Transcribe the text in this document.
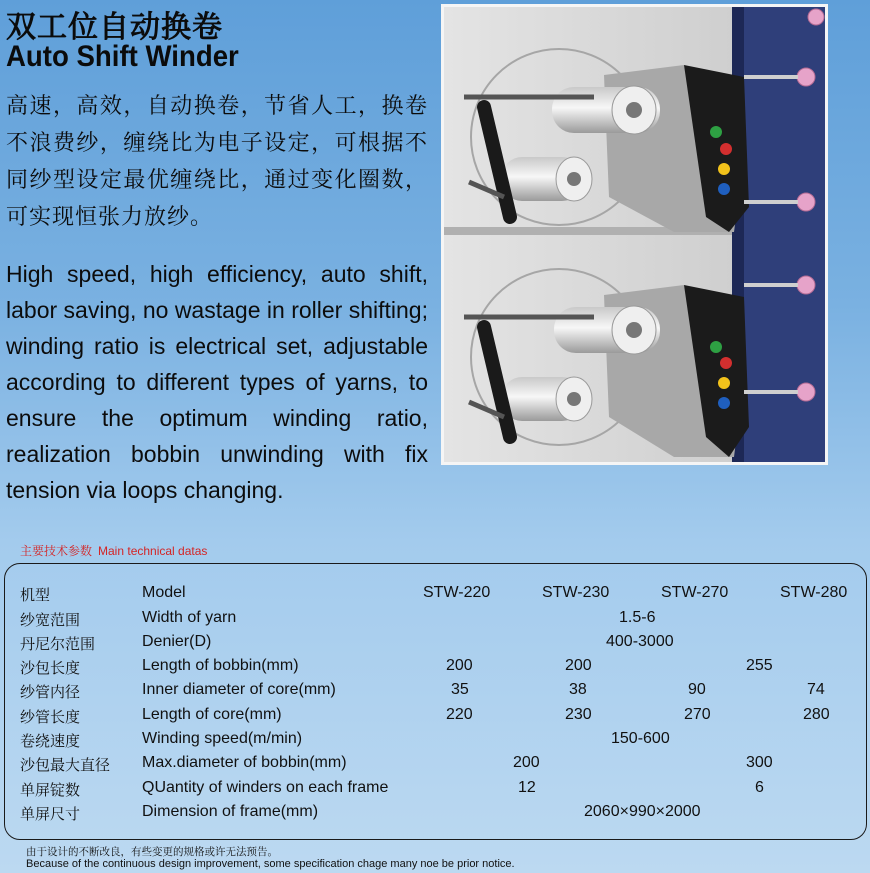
双工位自动换卷
Auto Shift Winder
高速，高效，自动换卷，节省人工，换卷不浪费纱，缠绕比为电子设定，可根据不同纱型设定最优缠绕比，通过变化圈数，可实现恒张力放纱。
High speed, high efficiency, auto shift, labor saving, no wastage in roller shifting; winding ratio is electrical set, adjustable according to different types of yarns, to ensure the optimum winding ratio, realization bobbin unwinding with fix tension via loops changing.
主要技术参数 Main technical datas
机型	Model	STW-220	STW-230	STW-270	STW-280
纱宽范围	Width of yarn	1.5-6
丹尼尔范围	Denier(D)	400-3000
沙包长度	Length of bobbin(mm)	200	200	255
纱管内径	Inner diameter of core(mm)	35	38	90	74
纱管长度	Length of core(mm)	220	230	270	280
卷绕速度	Winding speed(m/min)	150-600
沙包最大直径 Max.diameter of bobbin(mm)	200	300
单屏锭数	QUantity of winders on each frame	12	6
单屏尺寸	Dimension of frame(mm)	2060×990×2000
由于设计的不断改良，有些变更的规格或许无法预告。
Because of the continuous design improvement, some specification chage many noe be prior notice.
